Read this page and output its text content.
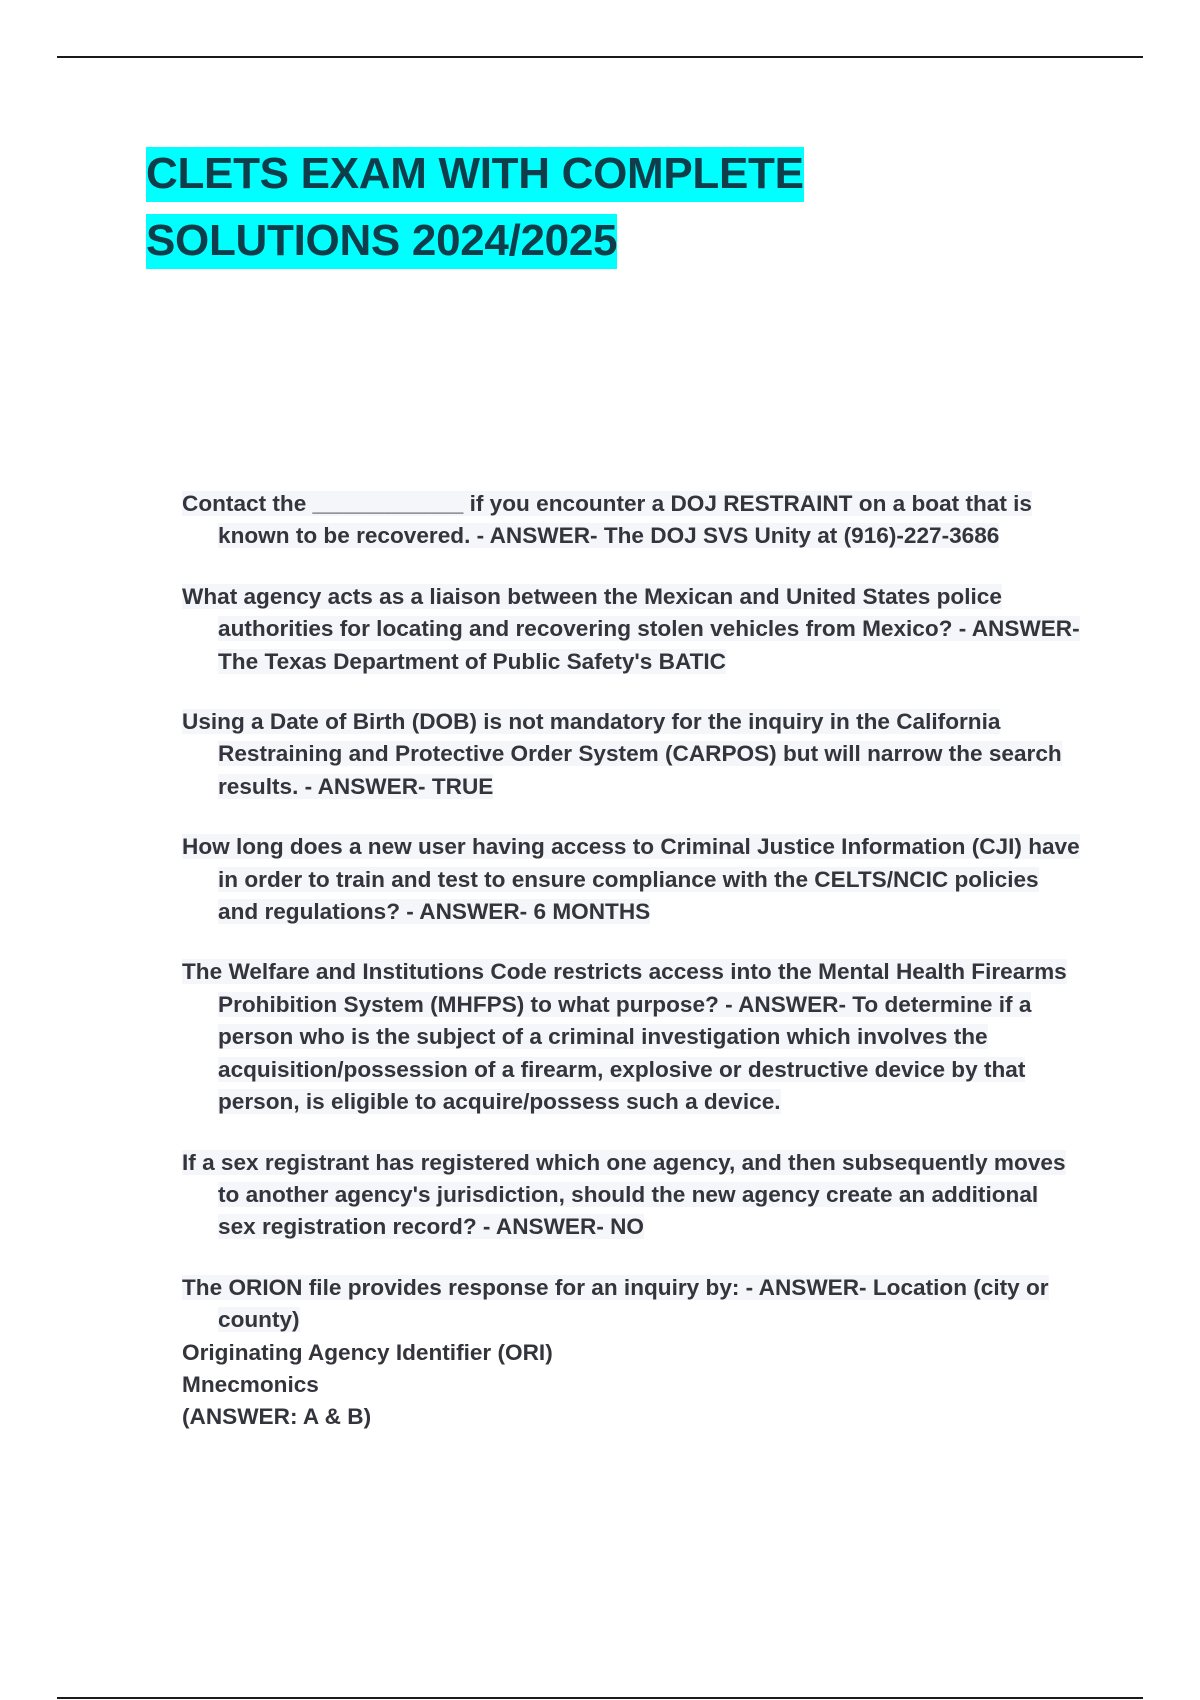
CLETS EXAM WITH COMPLETE
SOLUTIONS 2024/2025
Contact the ____________ if you encounter a DOJ RESTRAINT on a boat that is known to be recovered. - ANSWER- The DOJ SVS Unity at (916)-227-3686
What agency acts as a liaison between the Mexican and United States police authorities for locating and recovering stolen vehicles from Mexico? - ANSWER- The Texas Department of Public Safety's BATIC
Using a Date of Birth (DOB) is not mandatory for the inquiry in the California Restraining and Protective Order System (CARPOS) but will narrow the search results. - ANSWER- TRUE
How long does a new user having access to Criminal Justice Information (CJI) have in order to train and test to ensure compliance with the CELTS/NCIC policies and regulations? - ANSWER- 6 MONTHS
The Welfare and Institutions Code restricts access into the Mental Health Firearms Prohibition System (MHFPS) to what purpose? - ANSWER- To determine if a person who is the subject of a criminal investigation which involves the acquisition/possession of a firearm, explosive or destructive device by that person, is eligible to acquire/possess such a device.
If a sex registrant has registered which one agency, and then subsequently moves to another agency's jurisdiction, should the new agency create an additional sex registration record? - ANSWER- NO
The ORION file provides response for an inquiry by: - ANSWER- Location (city or county)
Originating Agency Identifier (ORI)
Mnecmonics
(ANSWER: A & B)
